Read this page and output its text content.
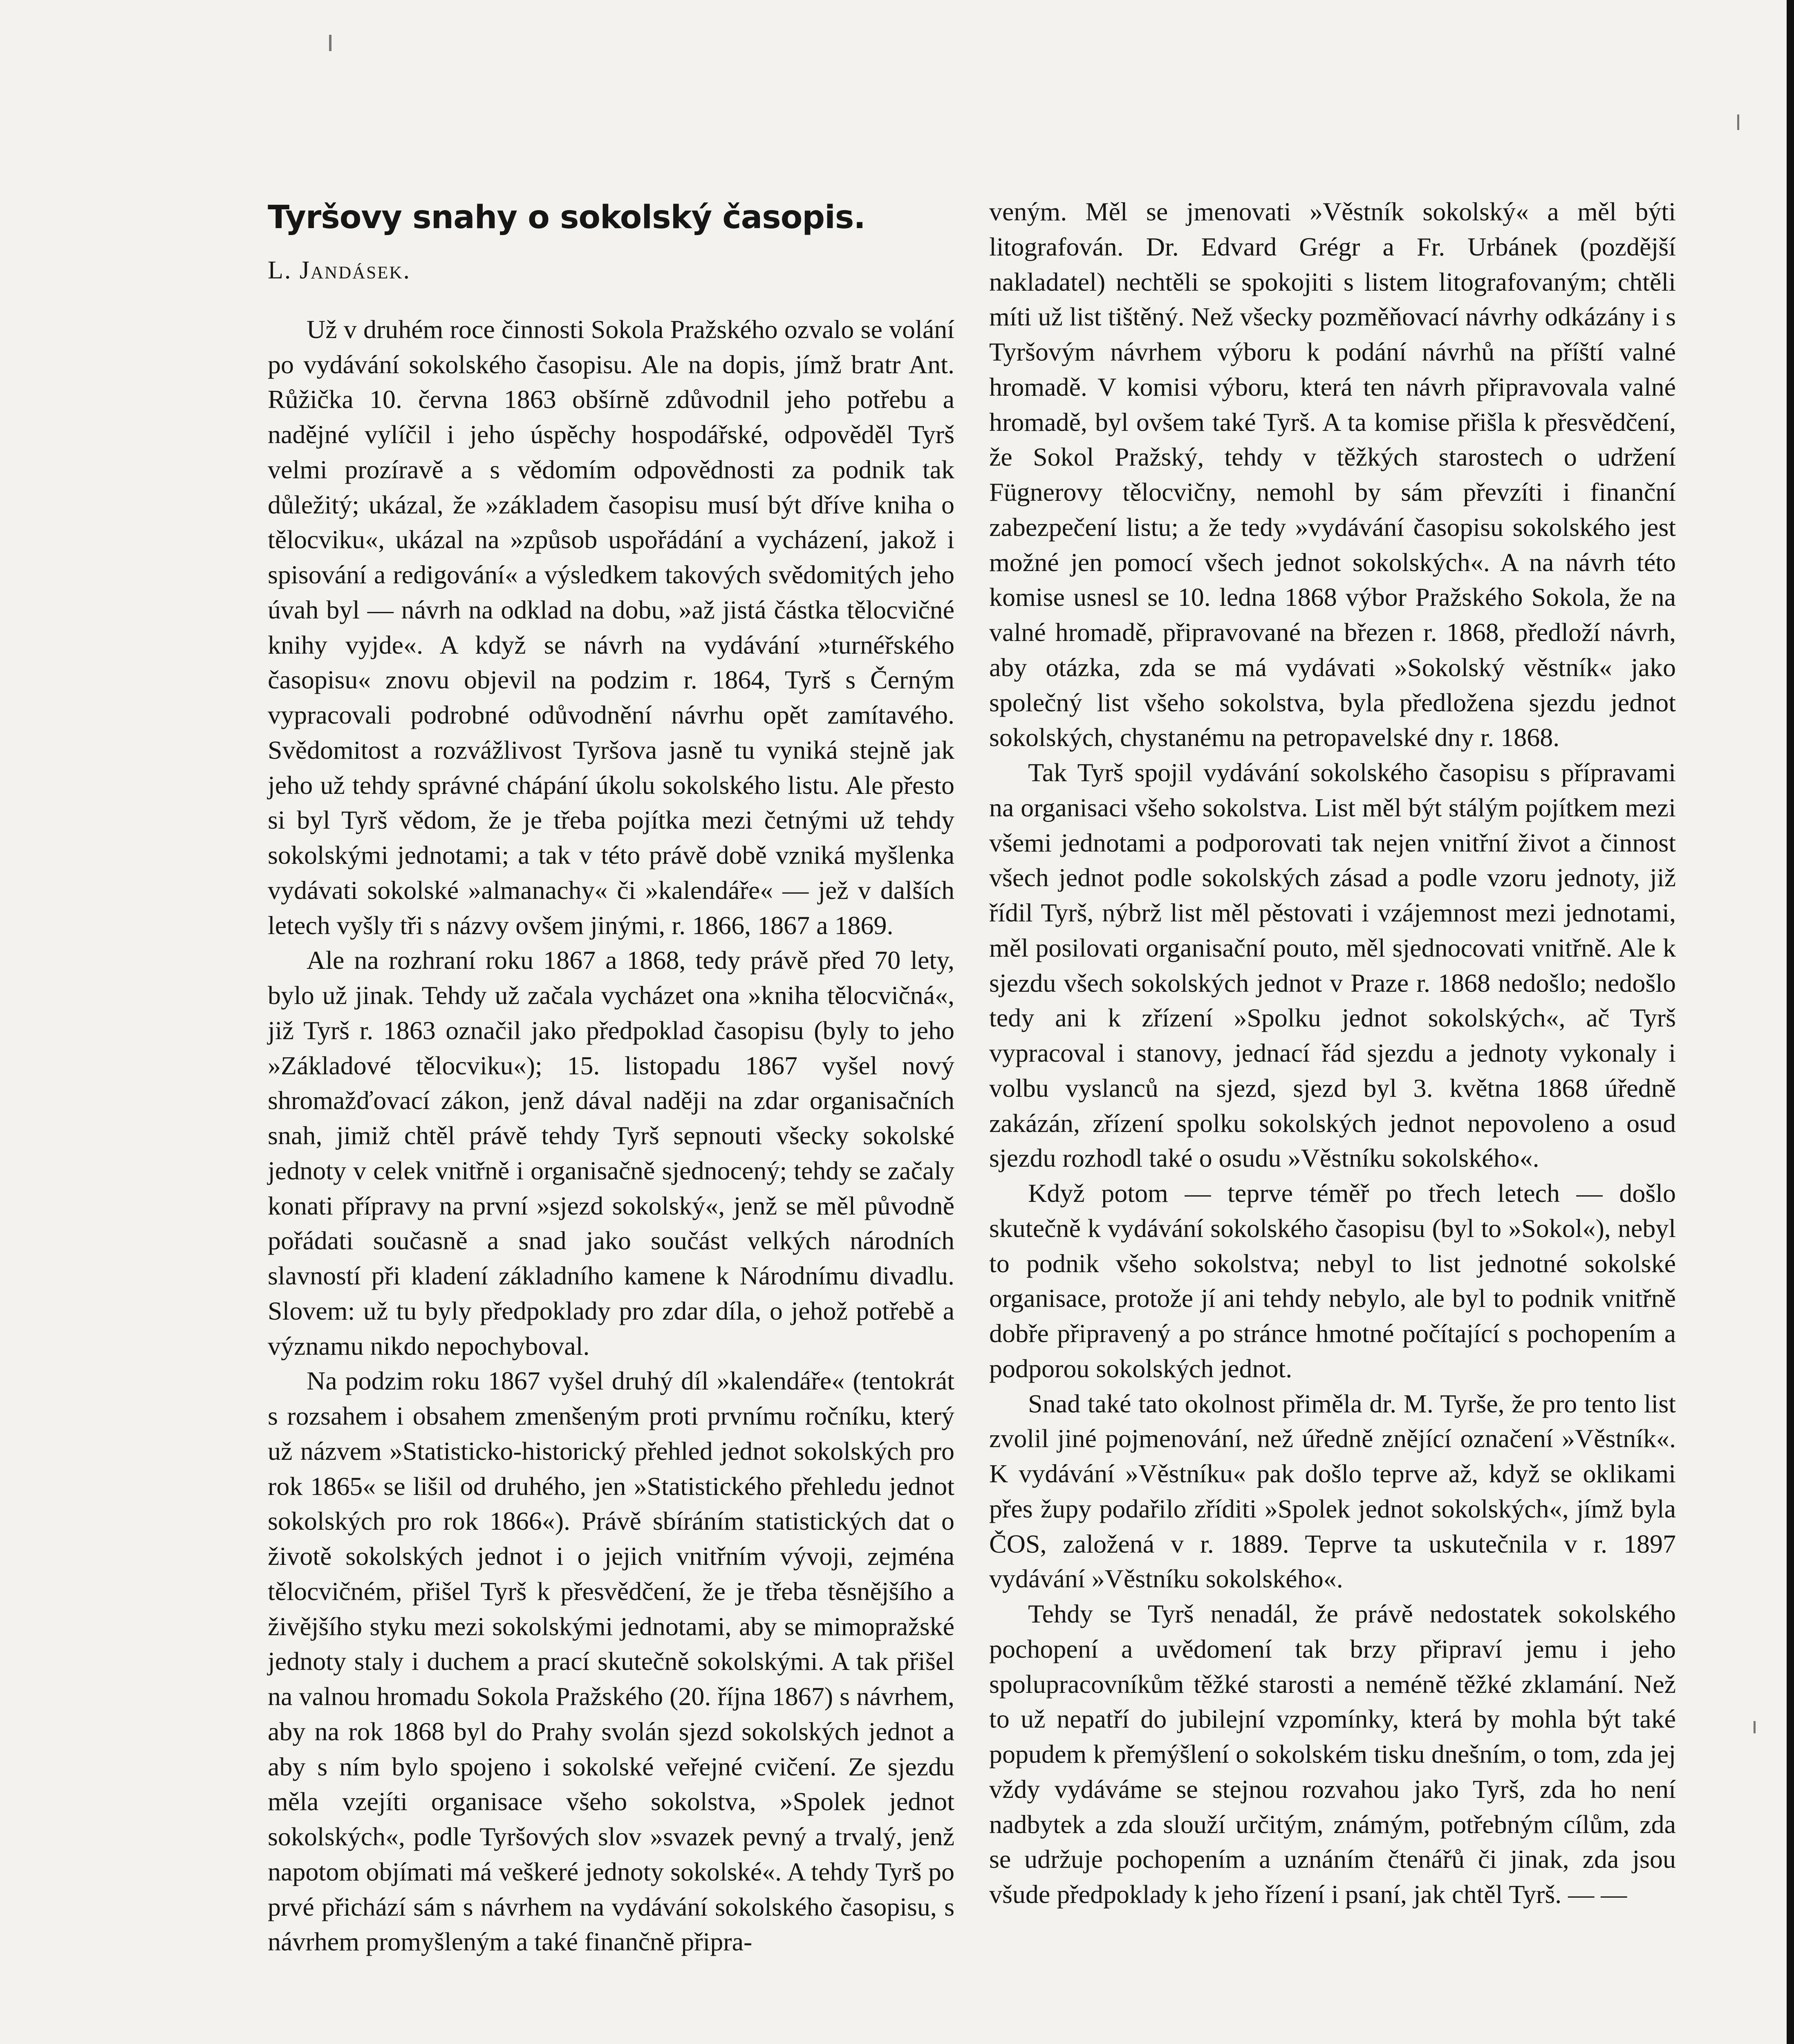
Tyršovy snahy o sokolský časopis.
L. Jandásek.

Už v druhém roce činnosti Sokola Pražského ozvalo se volání po vydávání sokolského časopisu. Ale na dopis, jímž bratr Ant. Růžička 10. června 1863 obšírně zdůvodnil jeho potřebu a nadějné vylíčil i jeho úspěchy hospodářské, odpověděl Tyrš velmi prozíravě a s vědomím odpovědnosti za podnik tak důležitý; ukázal, že »základem časopisu musí být dříve kniha o tělocviku«, ukázal na »způsob uspořádání a vycházení, jakož i spisování a redigování« a výsledkem takových svědomitých jeho úvah byl — návrh na odklad na dobu, »až jistá částka tělocvičné knihy vyjde«. A když se návrh na vydávání »turnéřského časopisu« znovu objevil na podzim r. 1864, Tyrš s Černým vypracovali podrobné odůvodnění návrhu opět zamítavého. Svědomitost a rozvážlivost Tyršova jasně tu vyniká stejně jak jeho už tehdy správné chápání úkolu sokolského listu. Ale přesto si byl Tyrš vědom, že je třeba pojítka mezi četnými už tehdy sokolskými jednotami; a tak v této právě době vzniká myšlenka vydávati sokolské »almanachy« či »kalendáře« — jež v dalších letech vyšly tři s názvy ovšem jinými, r. 1866, 1867 a 1869.

Ale na rozhraní roku 1867 a 1868, tedy právě před 70 lety, bylo už jinak. Tehdy už začala vycházet ona »kniha tělocvičná«, již Tyrš r. 1863 označil jako předpoklad časopisu (byly to jeho »Základové tělocviku«); 15. listopadu 1867 vyšel nový shromažďovací zákon, jenž dával naději na zdar organisačních snah, jimiž chtěl právě tehdy Tyrš sepnouti všecky sokolské jednoty v celek vnitřně i organisačně sjednocený; tehdy se začaly konati přípravy na první »sjezd sokolský«, jenž se měl původně pořádati současně a snad jako součást velkých národních slavností při kladení základního kamene k Národnímu divadlu. Slovem: už tu byly předpoklady pro zdar díla, o jehož potřebě a významu nikdo nepochyboval.

Na podzim roku 1867 vyšel druhý díl »kalendáře« (tentokrát s rozsahem i obsahem zmenšeným proti prvnímu ročníku, který už názvem »Statisticko-historický přehled jednot sokolských pro rok 1865« se lišil od druhého, jen »Statistického přehledu jednot sokolských pro rok 1866«). Právě sbíráním statistických dat o životě sokolských jednot i o jejich vnitřním vývoji, zejména tělocvičném, přišel Tyrš k přesvědčení, že je třeba těsnějšího a živějšího styku mezi sokolskými jednotami, aby se mimopražské jednoty staly i duchem a prací skutečně sokolskými. A tak přišel na valnou hromadu Sokola Pražského (20. října 1867) s návrhem, aby na rok 1868 byl do Prahy svolán sjezd sokolských jednot a aby s ním bylo spojeno i sokolské veřejné cvičení. Ze sjezdu měla vzejíti organisace všeho sokolstva, »Spolek jednot sokolských«, podle Tyršových slov »svazek pevný a trvalý, jenž napotom objímati má veškeré jednoty sokolské«. A tehdy Tyrš po prvé přichází sám s návrhem na vydávání sokolského časopisu, s návrhem promyšleným a také finančně připra-

veným. Měl se jmenovati »Věstník sokolský« a měl býti litografován. Dr. Edvard Grégr a Fr. Urbánek (pozdější nakladatel) nechtěli se spokojiti s listem litografovaným; chtěli míti už list tištěný. Než všecky pozměňovací návrhy odkázány i s Tyršovým návrhem výboru k podání návrhů na příští valné hromadě. V komisi výboru, která ten návrh připravovala valné hromadě, byl ovšem také Tyrš. A ta komise přišla k přesvědčení, že Sokol Pražský, tehdy v těžkých starostech o udržení Fügnerovy tělocvičny, nemohl by sám převzíti i finanční zabezpečení listu; a že tedy »vydávání časopisu sokolského jest možné jen pomocí všech jednot sokolských«. A na návrh této komise usnesl se 10. ledna 1868 výbor Pražského Sokola, že na valné hromadě, připravované na březen r. 1868, předloží návrh, aby otázka, zda se má vydávati »Sokolský věstník« jako společný list všeho sokolstva, byla předložena sjezdu jednot sokolských, chystanému na petropavelské dny r. 1868.

Tak Tyrš spojil vydávání sokolského časopisu s přípravami na organisaci všeho sokolstva. List měl být stálým pojítkem mezi všemi jednotami a podporovati tak nejen vnitřní život a činnost všech jednot podle sokolských zásad a podle vzoru jednoty, již řídil Tyrš, nýbrž list měl pěstovati i vzájemnost mezi jednotami, měl posilovati organisační pouto, měl sjednocovati vnitřně. Ale k sjezdu všech sokolských jednot v Praze r. 1868 nedošlo; nedošlo tedy ani k zřízení »Spolku jednot sokolských«, ač Tyrš vypracoval i stanovy, jednací řád sjezdu a jednoty vykonaly i volbu vyslanců na sjezd, sjezd byl 3. května 1868 úředně zakázán, zřízení spolku sokolských jednot nepovoleno a osud sjezdu rozhodl také o osudu »Věstníku sokolského«.

Když potom — teprve téměř po třech letech — došlo skutečně k vydávání sokolského časopisu (byl to »Sokol«), nebyl to podnik všeho sokolstva; nebyl to list jednotné sokolské organisace, protože jí ani tehdy nebylo, ale byl to podnik vnitřně dobře připravený a po stránce hmotné počítající s pochopením a podporou sokolských jednot.

Snad také tato okolnost přiměla dr. M. Tyrše, že pro tento list zvolil jiné pojmenování, než úředně znějící označení »Věstník«. K vydávání »Věstníku« pak došlo teprve až, když se oklikami přes župy podařilo zříditi »Spolek jednot sokolských«, jímž byla ČOS, založená v r. 1889. Teprve ta uskutečnila v r. 1897 vydávání »Věstníku sokolského«.

Tehdy se Tyrš nenadál, že právě nedostatek sokolského pochopení a uvědomení tak brzy připraví jemu i jeho spolupracovníkům těžké starosti a neméně těžké zklamání. Než to už nepatří do jubilejní vzpomínky, která by mohla být také popudem k přemýšlení o sokolském tisku dnešním, o tom, zda jej vždy vydáváme se stejnou rozvahou jako Tyrš, zda ho není nadbytek a zda slouží určitým, známým, potřebným cílům, zda se udržuje pochopením a uznáním čtenářů či jinak, zda jsou všude předpoklady k jeho řízení i psaní, jak chtěl Tyrš. — —
